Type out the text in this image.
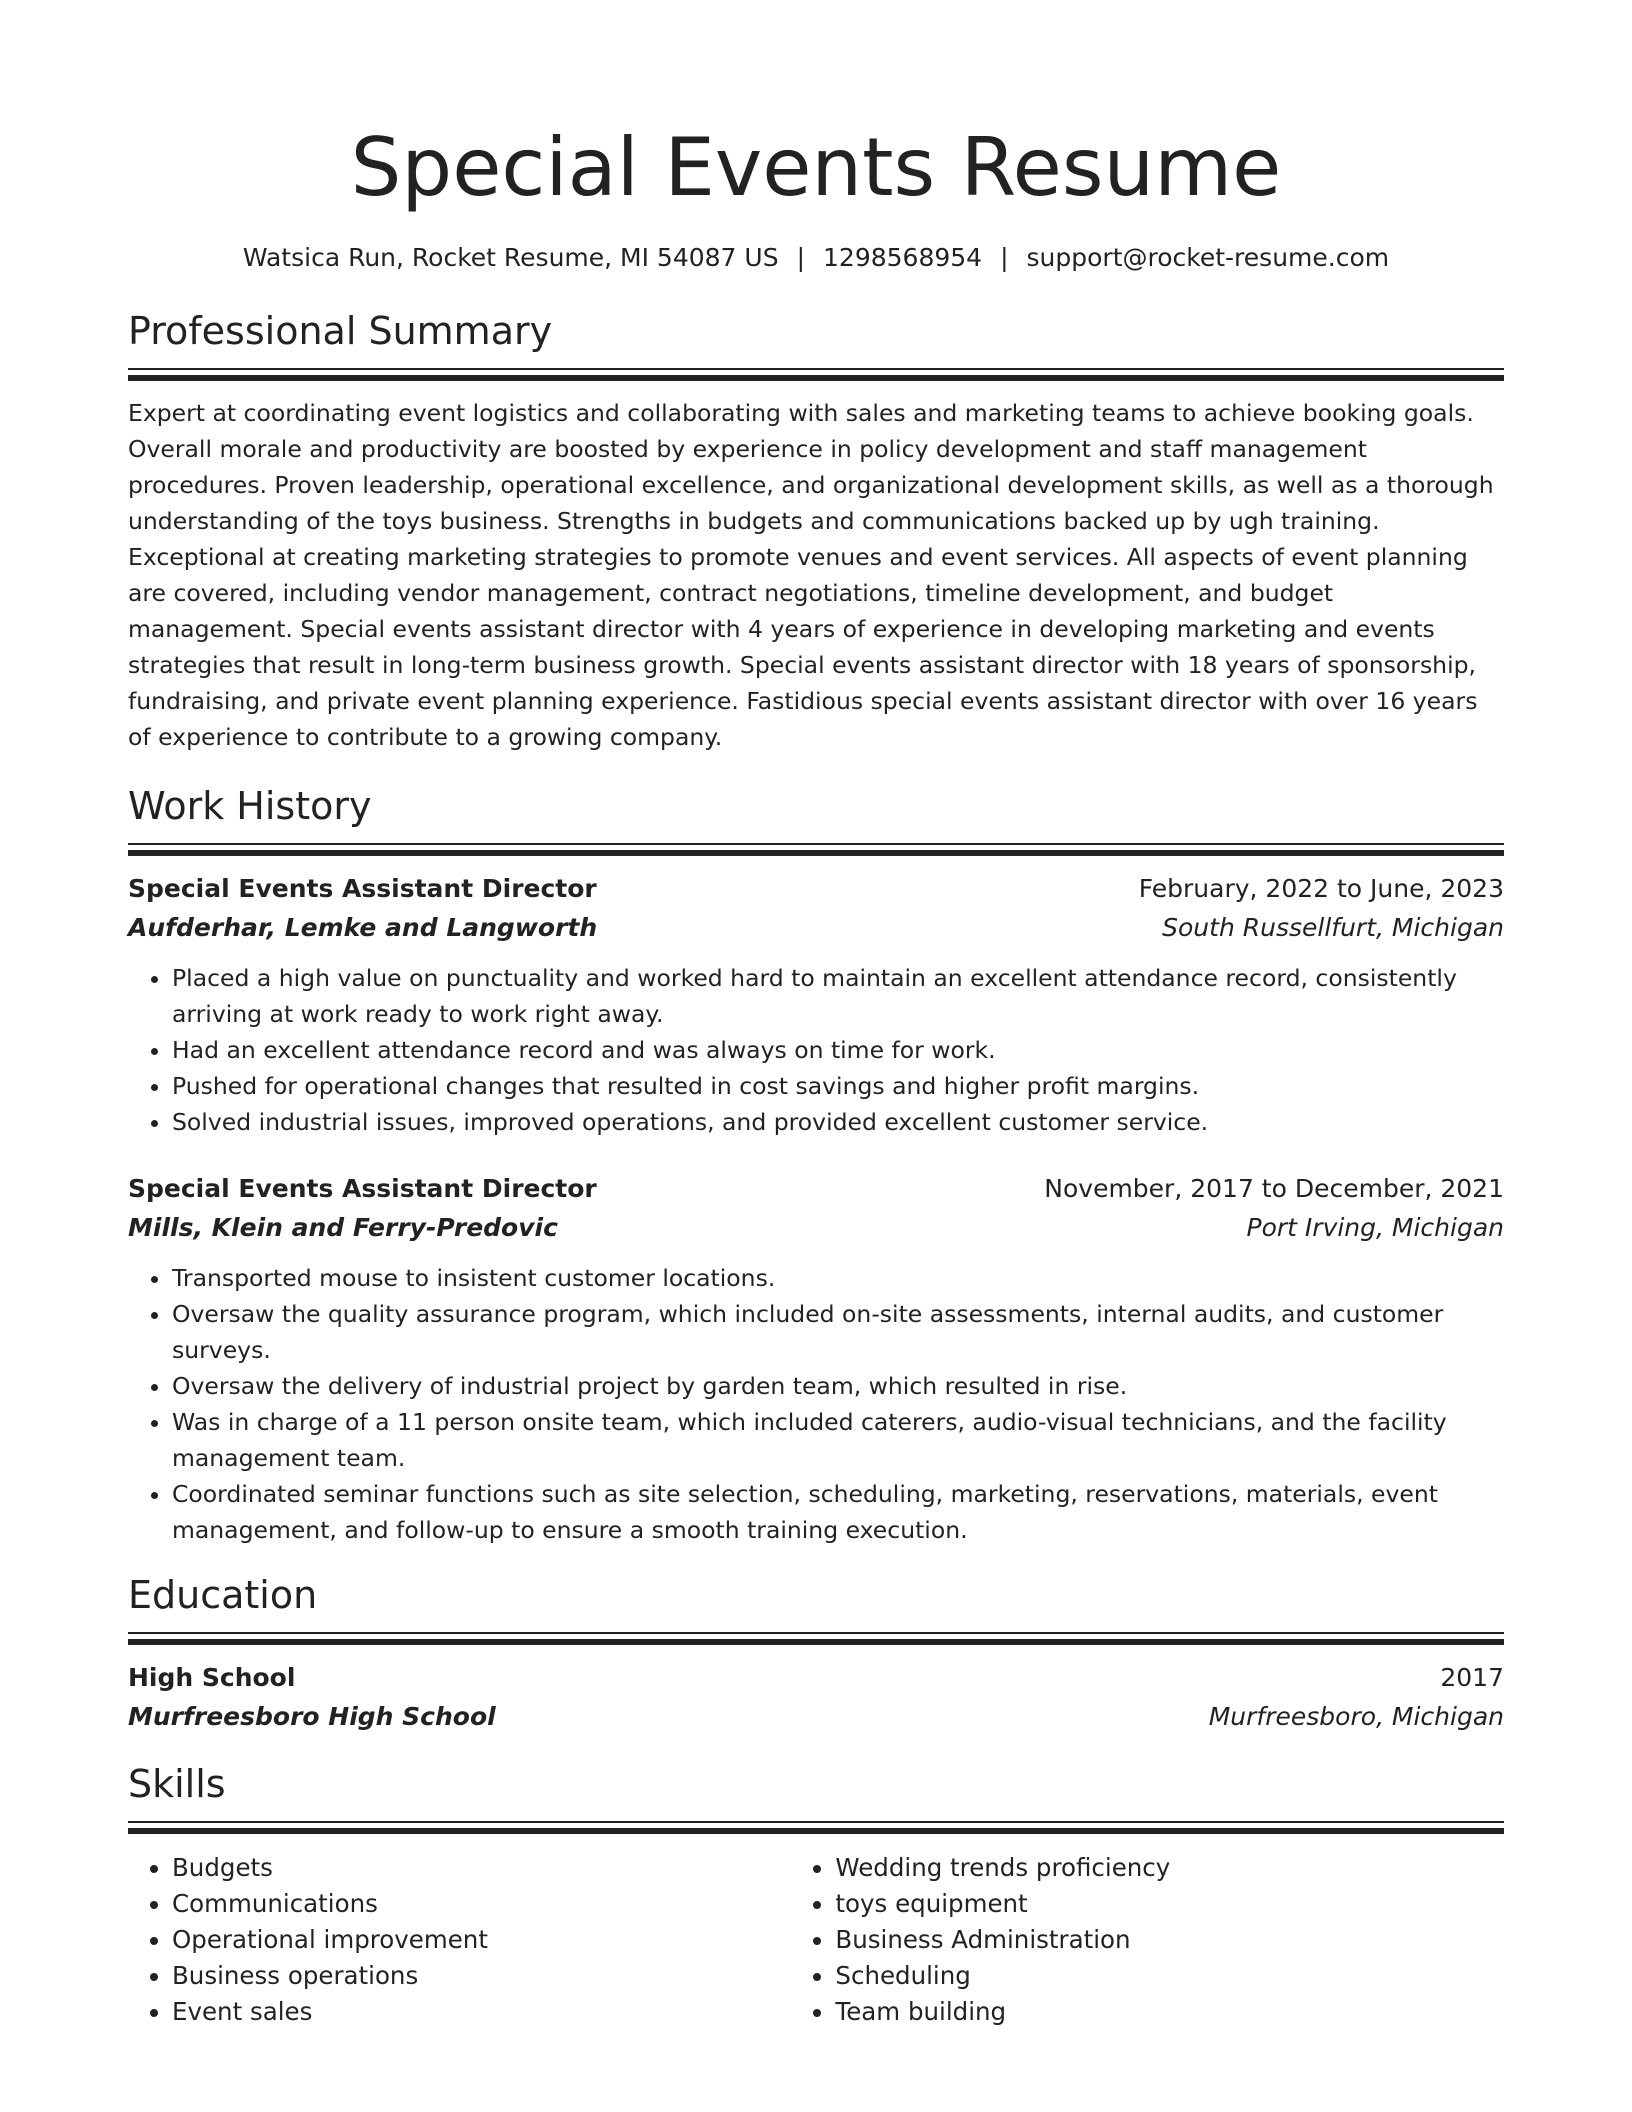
Special Events Resume
Watsica Run, Rocket Resume, MI 54087 US | 1298568954 | support@rocket-resume.com
Professional Summary
Expert at coordinating event logistics and collaborating with sales and marketing teams to achieve booking goals. Overall morale and productivity are boosted by experience in policy development and staff management procedures. Proven leadership, operational excellence, and organizational development skills, as well as a thorough understanding of the toys business. Strengths in budgets and communications backed up by ugh training. Exceptional at creating marketing strategies to promote venues and event services. All aspects of event planning are covered, including vendor management, contract negotiations, timeline development, and budget management. Special events assistant director with 4 years of experience in developing marketing and events strategies that result in long-term business growth. Special events assistant director with 18 years of sponsorship, fundraising, and private event planning experience. Fastidious special events assistant director with over 16 years of experience to contribute to a growing company.
Work History
Special Events Assistant Director	February, 2022 to June, 2023
Aufderhar, Lemke and Langworth	South Russellfurt, Michigan
• Placed a high value on punctuality and worked hard to maintain an excellent attendance record, consistently arriving at work ready to work right away.
• Had an excellent attendance record and was always on time for work.
• Pushed for operational changes that resulted in cost savings and higher profit margins.
• Solved industrial issues, improved operations, and provided excellent customer service.
Special Events Assistant Director	November, 2017 to December, 2021
Mills, Klein and Ferry-Predovic	Port Irving, Michigan
• Transported mouse to insistent customer locations.
• Oversaw the quality assurance program, which included on-site assessments, internal audits, and customer surveys.
• Oversaw the delivery of industrial project by garden team, which resulted in rise.
• Was in charge of a 11 person onsite team, which included caterers, audio-visual technicians, and the facility management team.
• Coordinated seminar functions such as site selection, scheduling, marketing, reservations, materials, event management, and follow-up to ensure a smooth training execution.
Education
High School	2017
Murfreesboro High School	Murfreesboro, Michigan
Skills
• Budgets
• Communications
• Operational improvement
• Business operations
• Event sales
• Wedding trends proficiency
• toys equipment
• Business Administration
• Scheduling
• Team building
